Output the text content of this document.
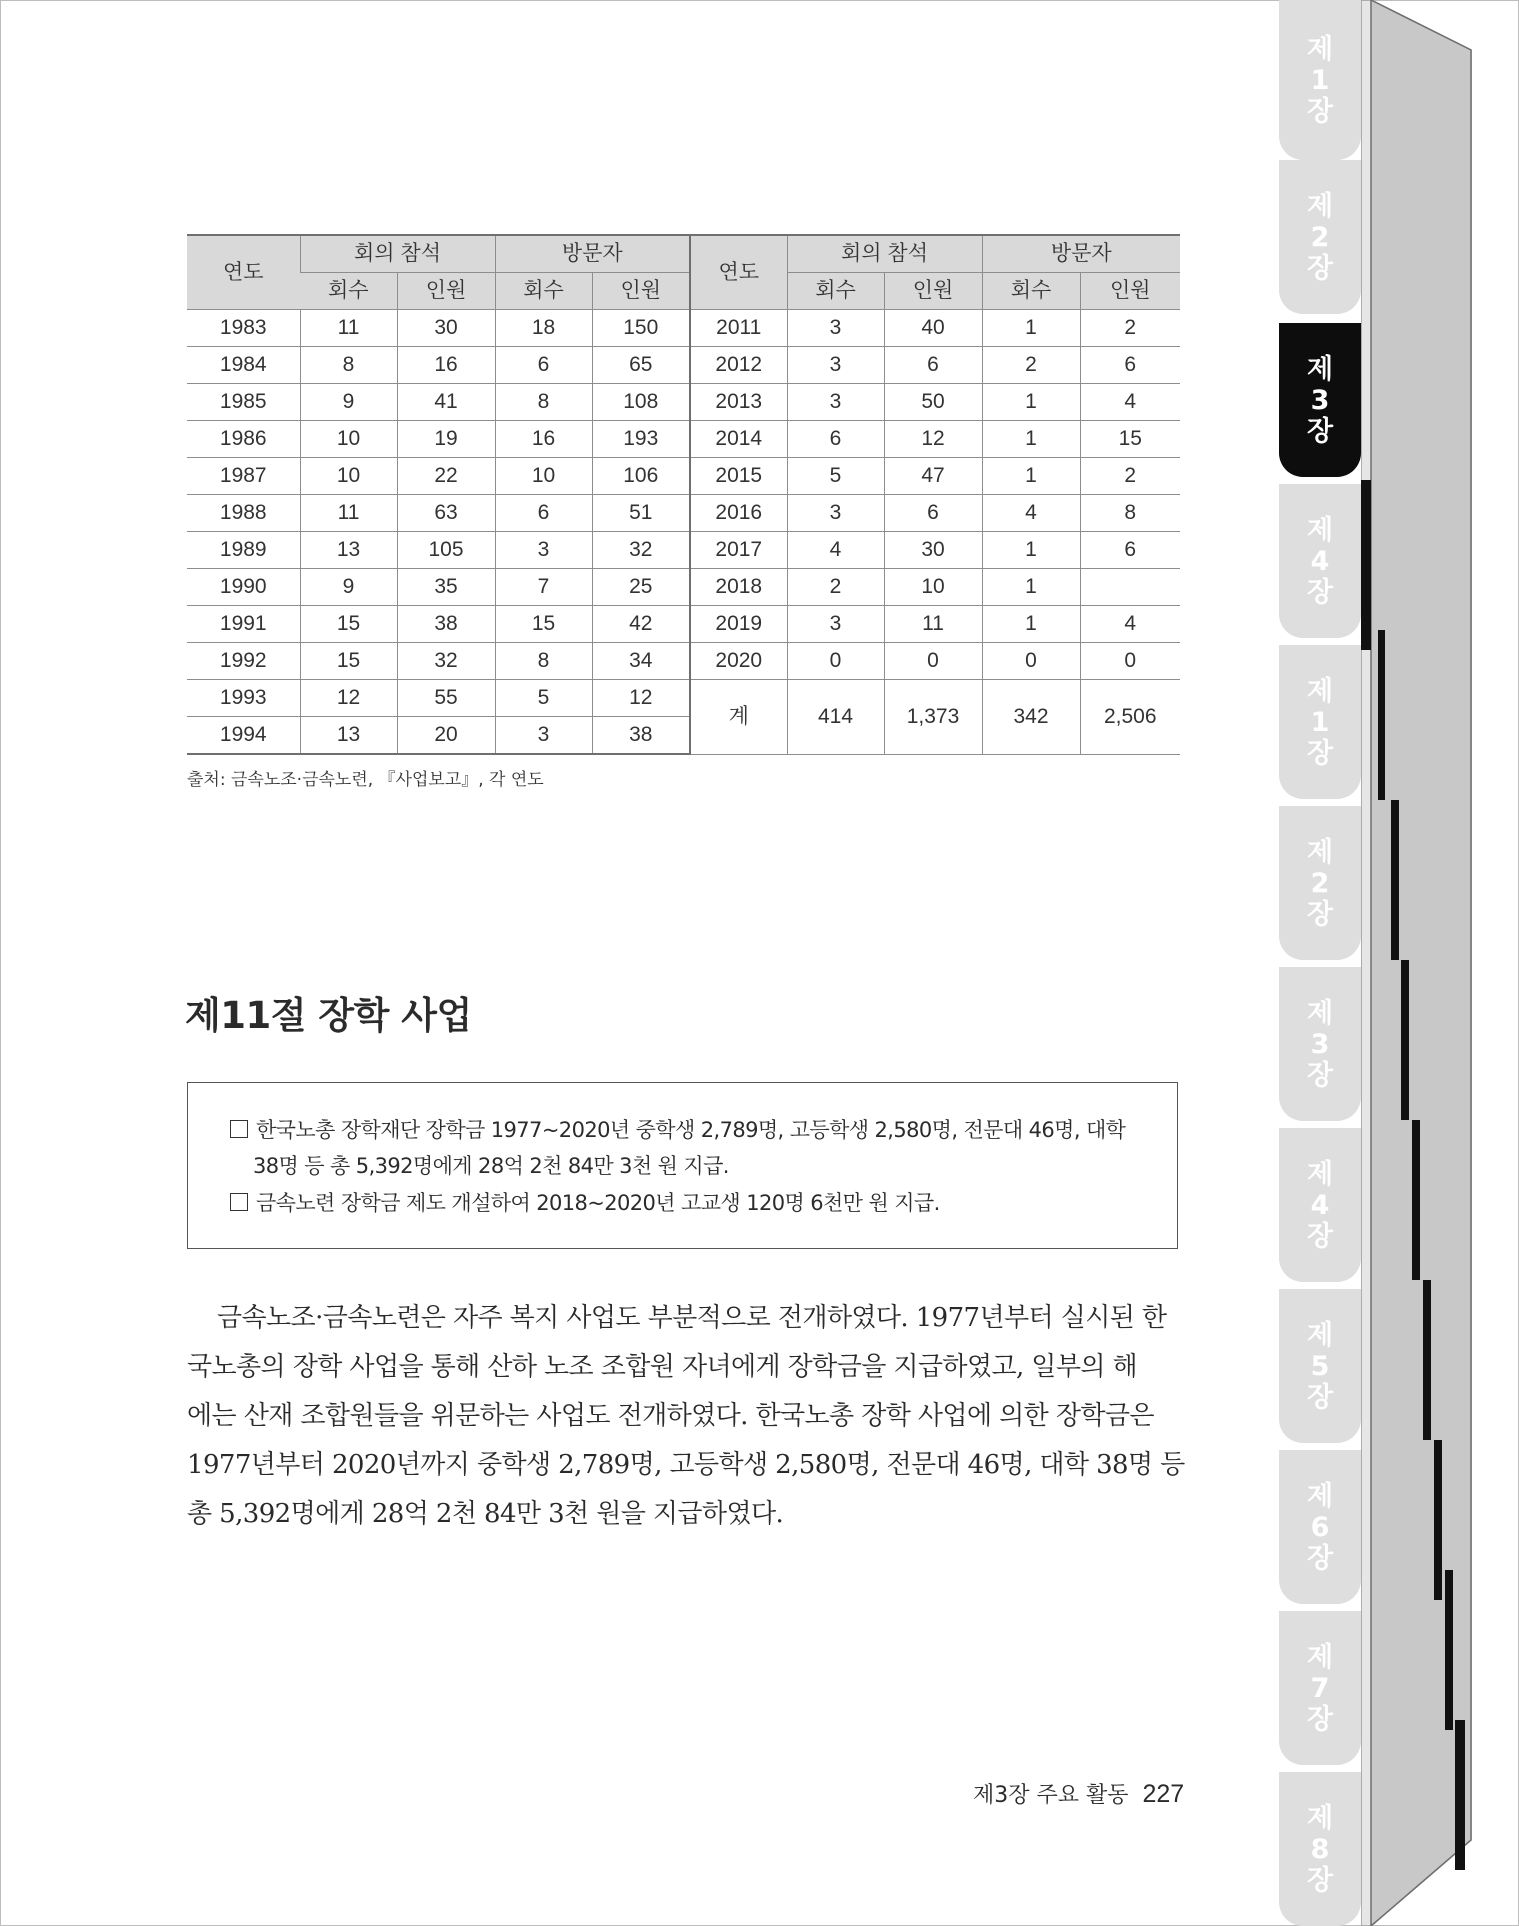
연도	회의 참석		방문자		연도	회의 참석		방문자	
	회수	인원	회수	인원		회수	인원	회수	인원
1983	11	30	18	150	2011	3	40	1	2
1984	8	16	6	65	2012	3	6	2	6
1985	9	41	8	108	2013	3	50	1	4
1986	10	19	16	193	2014	6	12	1	15
1987	10	22	10	106	2015	5	47	1	2
1988	11	63	6	51	2016	3	6	4	8
1989	13	105	3	32	2017	4	30	1	6
1990	9	35	7	25	2018	2	10	1	
1991	15	38	15	42	2019	3	11	1	4
1992	15	32	8	34	2020	0	0	0	0
1993	12	55	5	12	계	414	1,373	342	2,506
1994	13	20	3	38					
출처: 금속노조·금속노련, 『사업보고』, 각 연도
제11절 장학 사업
한국노총 장학재단 장학금 1977~2020년 중학생 2,789명, 고등학생 2,580명, 전문대 46명, 대학
38명 등 총 5,392명에게 28억 2천 84만 3천 원 지급.
금속노련 장학금 제도 개설하여 2018~2020년 고교생 120명 6천만 원 지급.
금속노조·금속노련은 자주 복지 사업도 부분적으로 전개하였다. 1977년부터 실시된 한
국노총의 장학 사업을 통해 산하 노조 조합원 자녀에게 장학금을 지급하였고, 일부의 해
에는 산재 조합원들을 위문하는 사업도 전개하였다. 한국노총 장학 사업에 의한 장학금은
1977년부터 2020년까지 중학생 2,789명, 고등학생 2,580명, 전문대 46명, 대학 38명 등
총 5,392명에게 28억 2천 84만 3천 원을 지급하였다.
제3장 주요 활동 227
제
1
장
제
2
장
제
3
장
제
4
장
제
1
장
제
2
장
제
3
장
제
4
장
제
5
장
제
6
장
제
7
장
제
8
장
